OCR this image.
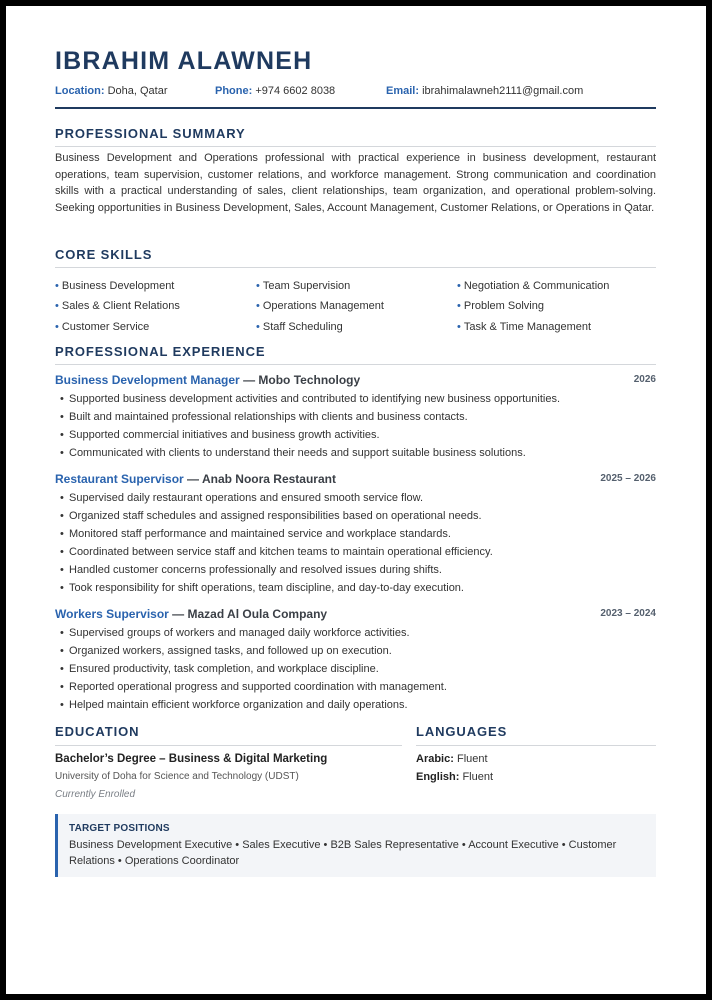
IBRAHIM ALAWNEH
Location: Doha, Qatar	Phone: +974 6602 8038	Email: ibrahimalawneh2111@gmail.com
PROFESSIONAL SUMMARY

Business Development and Operations professional with practical experience in business development, restaurant operations, team supervision, customer relations, and workforce management. Strong communication and coordination skills with a practical understanding of sales, client relationships, team organization, and operational problem-solving. Seeking opportunities in Business Development, Sales, Account Management, Customer Relations, or Operations in Qatar.

CORE SKILLS
• Business Development	• Team Supervision	• Negotiation & Communication
• Sales & Client Relations	• Operations Management	• Problem Solving
• Customer Service	• Staff Scheduling	• Task & Time Management
PROFESSIONAL EXPERIENCE
Business Development Manager — Mobo Technology	2026
• Supported business development activities and contributed to identifying new business opportunities.
• Built and maintained professional relationships with clients and business contacts.
• Supported commercial initiatives and business growth activities.
• Communicated with clients to understand their needs and support suitable business solutions.
Restaurant Supervisor — Anab Noora Restaurant	2025 – 2026
• Supervised daily restaurant operations and ensured smooth service flow.
• Organized staff schedules and assigned responsibilities based on operational needs.
• Monitored staff performance and maintained service and workplace standards.
• Coordinated between service staff and kitchen teams to maintain operational efficiency.
• Handled customer concerns professionally and resolved issues during shifts.
• Took responsibility for shift operations, team discipline, and day-to-day execution.
Workers Supervisor — Mazad Al Oula Company	2023 – 2024
• Supervised groups of workers and managed daily workforce activities.
• Organized workers, assigned tasks, and followed up on execution.
• Ensured productivity, task completion, and workplace discipline.
• Reported operational progress and supported coordination with management.
• Helped maintain efficient workforce organization and daily operations.
EDUCATION
Bachelor’s Degree – Business & Digital Marketing
University of Doha for Science and Technology (UDST)
Currently Enrolled
LANGUAGES
Arabic: Fluent
English: Fluent
TARGET POSITIONS
Business Development Executive • Sales Executive • B2B Sales Representative • Account Executive • Customer Relations • Operations Coordinator
